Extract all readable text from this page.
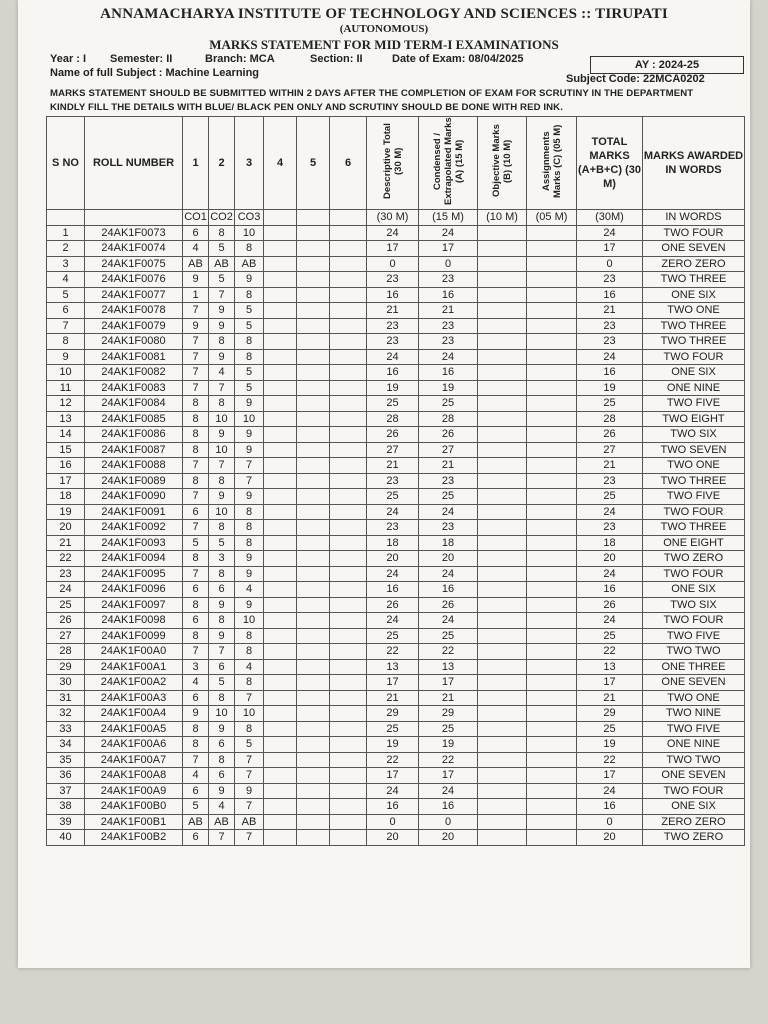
ANNAMACHARYA INSTITUTE OF TECHNOLOGY AND SCIENCES :: TIRUPATI
(AUTONOMOUS)
MARKS STATEMENT FOR MID TERM-I EXAMINATIONS
Year : I Semester: II	Branch: MCA	Section: II	Date of Exam: 08/04/2025	AY : 2024-25
Name of full Subject : Machine Learning	Subject Code: 22MCA0202
MARKS STATEMENT SHOULD BE SUBMITTED WITHIN 2 DAYS AFTER THE COMPLETION OF EXAM FOR SCRUTINY IN THE DEPARTMENT
KINDLY FILL THE DETAILS WITH BLUE/ BLACK PEN ONLY AND SCRUTINY SHOULD BE DONE WITH RED INK.
S NO	ROLL NUMBER	1	2	3	4	5	6	Descriptive Total (30 M)	Condensed / Extrapolated Marks (A) (15 M)	Objective Marks (B) (10 M)	Assignments Marks (C) (05 M)	TOTAL MARKS (A+B+C) (30 M)	MARKS AWARDED IN WORDS
		CO1	CO2	CO3				(30 M)	(15 M)	(10 M)	(05 M)	(30M)	IN WORDS
1	24AK1F0073	6	8	10				24	24			24	TWO FOUR
2	24AK1F0074	4	5	8				17	17			17	ONE SEVEN
3	24AK1F0075	AB	AB	AB				0	0			0	ZERO ZERO
4	24AK1F0076	9	5	9				23	23			23	TWO THREE
5	24AK1F0077	1	7	8				16	16			16	ONE SIX
6	24AK1F0078	7	9	5				21	21			21	TWO ONE
7	24AK1F0079	9	9	5				23	23			23	TWO THREE
8	24AK1F0080	7	8	8				23	23			23	TWO THREE
9	24AK1F0081	7	9	8				24	24			24	TWO FOUR
10	24AK1F0082	7	4	5				16	16			16	ONE SIX
11	24AK1F0083	7	7	5				19	19			19	ONE NINE
12	24AK1F0084	8	8	9				25	25			25	TWO FIVE
13	24AK1F0085	8	10	10				28	28			28	TWO EIGHT
14	24AK1F0086	8	9	9				26	26			26	TWO SIX
15	24AK1F0087	8	10	9				27	27			27	TWO SEVEN
16	24AK1F0088	7	7	7				21	21			21	TWO ONE
17	24AK1F0089	8	8	7				23	23			23	TWO THREE
18	24AK1F0090	7	9	9				25	25			25	TWO FIVE
19	24AK1F0091	6	10	8				24	24			24	TWO FOUR
20	24AK1F0092	7	8	8				23	23			23	TWO THREE
21	24AK1F0093	5	5	8				18	18			18	ONE EIGHT
22	24AK1F0094	8	3	9				20	20			20	TWO ZERO
23	24AK1F0095	7	8	9				24	24			24	TWO FOUR
24	24AK1F0096	6	6	4				16	16			16	ONE SIX
25	24AK1F0097	8	9	9				26	26			26	TWO SIX
26	24AK1F0098	6	8	10				24	24			24	TWO FOUR
27	24AK1F0099	8	9	8				25	25			25	TWO FIVE
28	24AK1F00A0	7	7	8				22	22			22	TWO TWO
29	24AK1F00A1	3	6	4				13	13			13	ONE THREE
30	24AK1F00A2	4	5	8				17	17			17	ONE SEVEN
31	24AK1F00A3	6	8	7				21	21			21	TWO ONE
32	24AK1F00A4	9	10	10				29	29			29	TWO NINE
33	24AK1F00A5	8	9	8				25	25			25	TWO FIVE
34	24AK1F00A6	8	6	5				19	19			19	ONE NINE
35	24AK1F00A7	7	8	7				22	22			22	TWO TWO
36	24AK1F00A8	4	6	7				17	17			17	ONE SEVEN
37	24AK1F00A9	6	9	9				24	24			24	TWO FOUR
38	24AK1F00B0	5	4	7				16	16			16	ONE SIX
39	24AK1F00B1	AB	AB	AB				0	0			0	ZERO ZERO
40	24AK1F00B2	6	7	7				20	20			20	TWO ZERO
